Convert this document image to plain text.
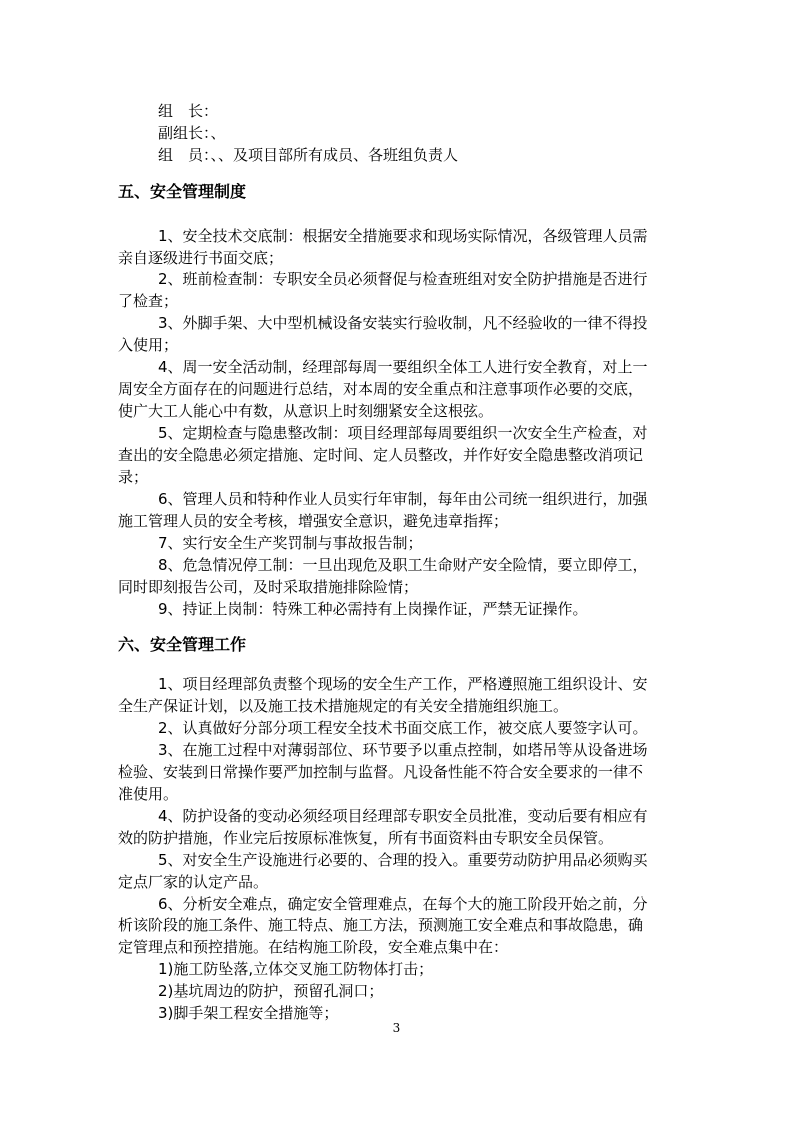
组　长：
副组长：、
组　员：、、及项目部所有成员、各班组负责人
五、安全管理制度
1、安全技术交底制：根据安全措施要求和现场实际情况，各级管理人员需
亲自逐级进行书面交底；
2、班前检查制：专职安全员必须督促与检查班组对安全防护措施是否进行
了检查；
3、外脚手架、大中型机械设备安装实行验收制，凡不经验收的一律不得投
入使用；
4、周一安全活动制，经理部每周一要组织全体工人进行安全教育，对上一
周安全方面存在的问题进行总结，对本周的安全重点和注意事项作必要的交底，
使广大工人能心中有数，从意识上时刻绷紧安全这根弦。
5、定期检查与隐患整改制：项目经理部每周要组织一次安全生产检查，对
查出的安全隐患必须定措施、定时间、定人员整改，并作好安全隐患整改消项记
录；
6、管理人员和特种作业人员实行年审制，每年由公司统一组织进行，加强
施工管理人员的安全考核，增强安全意识，避免违章指挥；
7、实行安全生产奖罚制与事故报告制；
8、危急情况停工制：一旦出现危及职工生命财产安全险情，要立即停工，
同时即刻报告公司，及时采取措施排除险情；
9、持证上岗制：特殊工种必需持有上岗操作证，严禁无证操作。
六、安全管理工作
1、项目经理部负责整个现场的安全生产工作，严格遵照施工组织设计、安
全生产保证计划，以及施工技术措施规定的有关安全措施组织施工。
2、认真做好分部分项工程安全技术书面交底工作，被交底人要签字认可。
3、在施工过程中对薄弱部位、环节要予以重点控制，如塔吊等从设备进场
检验、安装到日常操作要严加控制与监督。凡设备性能不符合安全要求的一律不
准使用。
4、防护设备的变动必须经项目经理部专职安全员批准，变动后要有相应有
效的防护措施，作业完后按原标准恢复，所有书面资料由专职安全员保管。
5、对安全生产设施进行必要的、合理的投入。重要劳动防护用品必须购买
定点厂家的认定产品。
6、分析安全难点，确定安全管理难点，在每个大的施工阶段开始之前，分
析该阶段的施工条件、施工特点、施工方法，预测施工安全难点和事故隐患，确
定管理点和预控措施。在结构施工阶段，安全难点集中在：
1)施工防坠落,立体交叉施工防物体打击；
2)基坑周边的防护，预留孔洞口；
3)脚手架工程安全措施等；
3
